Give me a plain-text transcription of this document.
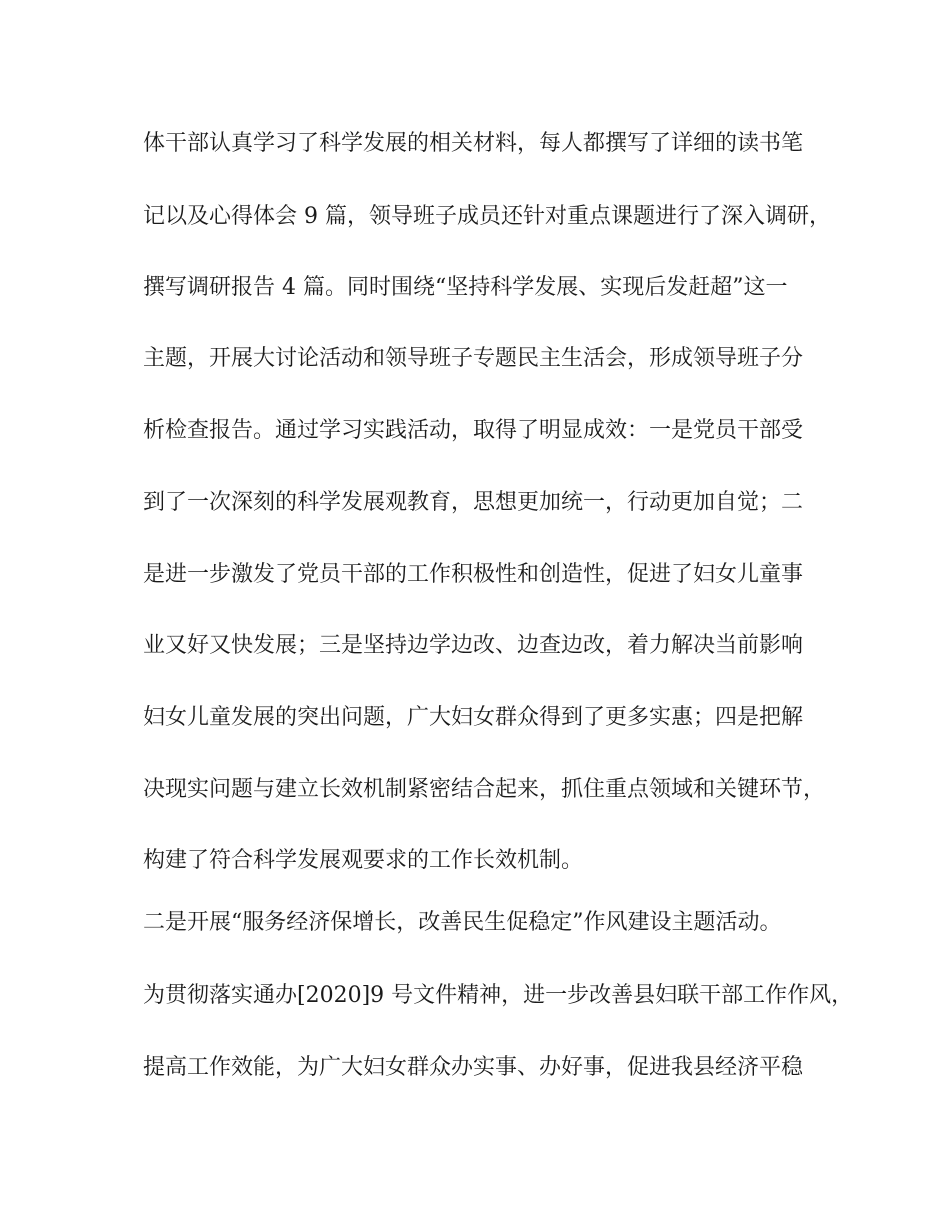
体干部认真学习了科学发展的相关材料，每人都撰写了详细的读书笔

记以及心得体会 9 篇，领导班子成员还针对重点课题进行了深入调研，

撰写调研报告 4 篇。同时围绕“坚持科学发展、实现后发赶超”这一

主题，开展大讨论活动和领导班子专题民主生活会，形成领导班子分

析检查报告。通过学习实践活动，取得了明显成效：一是党员干部受

到了一次深刻的科学发展观教育，思想更加统一，行动更加自觉；二

是进一步激发了党员干部的工作积极性和创造性，促进了妇女儿童事

业又好又快发展；三是坚持边学边改、边查边改，着力解决当前影响

妇女儿童发展的突出问题，广大妇女群众得到了更多实惠；四是把解

决现实问题与建立长效机制紧密结合起来，抓住重点领域和关键环节，

构建了符合科学发展观要求的工作长效机制。

二是开展“服务经济保增长，改善民生促稳定”作风建设主题活动。

为贯彻落实通办[2020]9 号文件精神，进一步改善县妇联干部工作作风，

提高工作效能，为广大妇女群众办实事、办好事，促进我县经济平稳
